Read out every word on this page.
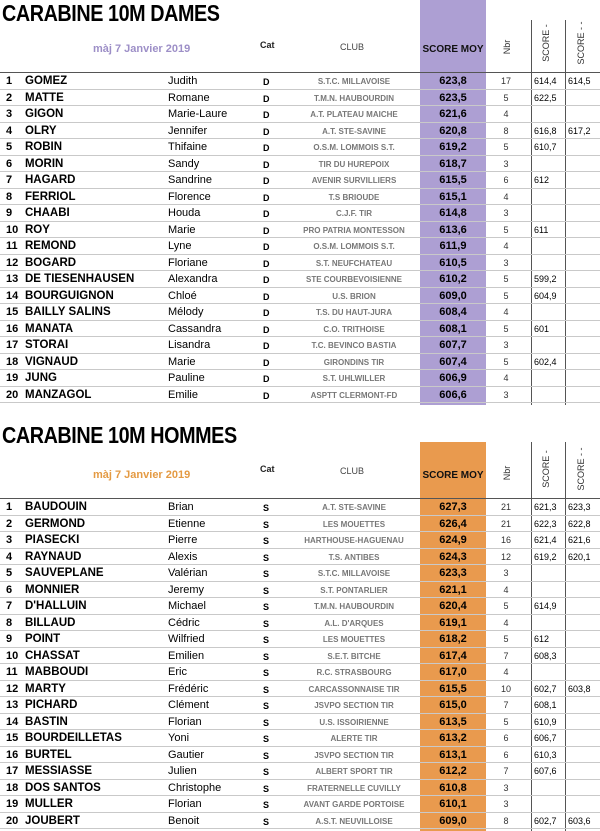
SCORE MOY
CARABINE 10M DAMES
màj 7 Janvier 2019	Cat	CLUB	Nbr	SCORE -	SCORE - -
1	GOMEZ	Judith	D	S.T.C. MILLAVOISE	623,8	17	614,4 614,5
2	MATTE	Romane	D	T.M.N. HAUBOURDIN	623,5	5	622,5
3	GIGON	Marie-Laure	D	A.T. PLATEAU MAICHE	621,6	4
4	OLRY	Jennifer	D	A.T. STE-SAVINE	620,8	8	616,8 617,2
5	ROBIN	Thifaine	D	O.S.M. LOMMOIS S.T.	619,2	5	610,7
6	MORIN	Sandy	D	TIR DU HUREPOIX	618,7	3
7	HAGARD	Sandrine	D	AVENIR SURVILLIERS	615,5	6	612
8	FERRIOL	Florence	D	T.S BRIOUDE	615,1	4
9	CHAABI	Houda	D	C.J.F. TIR	614,8	3
10 ROY	Marie	D	PRO PATRIA MONTESSON	613,6	5	611
11 REMOND	Lyne	D	O.S.M. LOMMOIS S.T.	611,9	4
12 BOGARD	Floriane	D	S.T. NEUFCHATEAU	610,5	3
13 DE TIESENHAUSEN	Alexandra	D	STE COURBEVOISIENNE	610,2	5	599,2
14 BOURGUIGNON	Chloé	D	U.S. BRION	609,0	5	604,9
15 BAILLY SALINS	Mélody	D	T.S. DU HAUT-JURA	608,4	4
16 MANATA	Cassandra	D	C.O. TRITHOISE	608,1	5	601
17 STORAI	Lisandra	D	T.C. BEVINCO BASTIA	607,7	3
18 VIGNAUD	Marie	D	GIRONDINS TIR	607,4	5	602,4
19 JUNG	Pauline	D	S.T. UHLWILLER	606,9	4
20 MANZAGOL	Emilie	D	ASPTT CLERMONT-FD	606,6	3
SCORE MOY
CARABINE 10M HOMMES
màj 7 Janvier 2019	Cat	CLUB	Nbr	SCORE -	SCORE - -
1	BAUDOUIN	Brian	S	A.T. STE-SAVINE	627,3	21	621,3 623,3
2	GERMOND	Etienne	S	LES MOUETTES	626,4	21	622,3 622,8
3	PIASECKI	Pierre	S	HARTHOUSE-HAGUENAU	624,9	16	621,4 621,6
4	RAYNAUD	Alexis	S	T.S. ANTIBES	624,3	12	619,2 620,1
5	SAUVEPLANE	Valérian	S	S.T.C. MILLAVOISE	623,3	3
6	MONNIER	Jeremy	S	S.T. PONTARLIER	621,1	4
7	D'HALLUIN	Michael	S	T.M.N. HAUBOURDIN	620,4	5	614,9
8	BILLAUD	Cédric	S	A.L. D'ARQUES	619,1	4
9	POINT	Wilfried	S	LES MOUETTES	618,2	5	612
10 CHASSAT	Emilien	S	S.E.T. BITCHE	617,4	7	608,3
11 MABBOUDI	Eric	S	R.C. STRASBOURG	617,0	4
12 MARTY	Frédéric	S	CARCASSONNAISE TIR	615,5	10	602,7 603,8
13 PICHARD	Clément	S	JSVPO SECTION TIR	615,0	7	608,1
14 BASTIN	Florian	S	U.S. ISSOIRIENNE	613,5	5	610,9
15 BOURDEILLETAS	Yoni	S	ALERTE TIR	613,2	6	606,7
16 BURTEL	Gautier	S	JSVPO SECTION TIR	613,1	6	610,3
17 MESSIASSE	Julien	S	ALBERT SPORT TIR	612,2	7	607,6
18 DOS SANTOS	Christophe	S	FRATERNELLE CUVILLY	610,8	3
19 MULLER	Florian	S	AVANT GARDE PORTOISE	610,1	3
20 JOUBERT	Benoit	S	A.S.T. NEUVILLOISE	609,0	8	602,7 603,6
